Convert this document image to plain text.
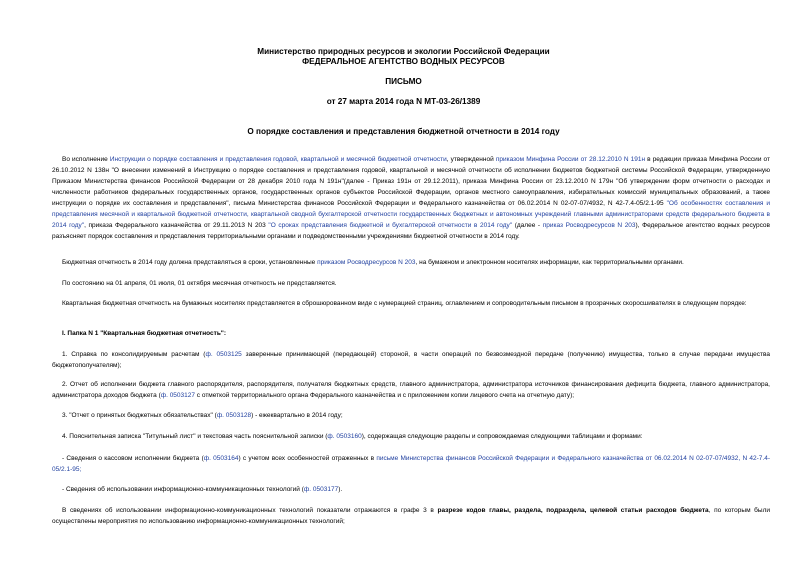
Министерство природных ресурсов и экологии Российской Федерации
ФЕДЕРАЛЬНОЕ АГЕНТСТВО ВОДНЫХ РЕСУРСОВ
ПИСЬМО
от 27 марта 2014 года N МТ-03-26/1389
О порядке составления и представления бюджетной отчетности в 2014 году
Во исполнение Инструкции о порядке составления и представления годовой, квартальной и месячной бюджетной отчетности, утвержденной приказом Минфина России от 28.12.2010 N 191н в редакции приказа Минфина России от 26.10.2012 N 138н "О внесении изменений в Инструкцию о порядке составления и представления годовой, квартальной и месячной отчетности об исполнении бюджетов бюджетной системы Российской Федерации, утвержденную Приказом Министерства финансов Российской Федерации от 28 декабря 2010 года N 191н"(далее - Приказ 191н от 29.12.2011), приказа Минфина России от 23.12.2010 N 179н "Об утверждении форм отчетности о расходах и численности работников федеральных государственных органов, государственных органов субъектов Российской Федерации, органов местного самоуправления, избирательных комиссий муниципальных образований, а также инструкции о порядке их составления и представления", письма Министерства финансов Российской Федерации и Федерального казначейства от 06.02.2014 N 02-07-07/4932, N 42-7.4-05/2.1-95 "Об особенностях составления и представления месячной и квартальной бюджетной отчетности, квартальной сводной бухгалтерской отчетности государственных бюджетных и автономных учреждений главными администраторами средств федерального бюджета в 2014 году", приказа Федерального казначейства от 29.11.2013 N 203 "О сроках представления бюджетной и бухгалтерской отчетности в 2014 году" (далее - приказ Росводресурсов N 203), Федеральное агентство водных ресурсов разъясняет порядок составления и представления территориальными органами и подведомственными учреждениями бюджетной отчетности в 2014 году.
Бюджетная отчетность в 2014 году должна представляться в сроки, установленные приказом Росводресурсов N 203, на бумажном и электронном носителях информации, как территориальными органами.
По состоянию на 01 апреля, 01 июля, 01 октября месячная отчетность не представляется.
Квартальная бюджетная отчетность на бумажных носителях представляется в сброшюрованном виде с нумерацией страниц, оглавлением и сопроводительным письмом в прозрачных скоросшивателях в следующем порядке:
I. Папка N 1 "Квартальная бюджетная отчетность":
1. Справка по консолидируемым расчетам (ф. 0503125 заверенные принимающей (передающей) стороной, в части операций по безвозмездной передаче (получению) имущества, только в случае передачи имущества бюджетополучателям);
2. Отчет об исполнении бюджета главного распорядителя, распорядителя, получателя бюджетных средств, главного администратора, администратора источников финансирования дефицита бюджета, главного администратора, администратора доходов бюджета (ф. 0503127 с отметкой территориального органа Федерального казначейства и с приложением копии лицевого счета на отчетную дату);
3. "Отчет о принятых бюджетных обязательствах" (ф. 0503128) - ежеквартально в 2014 году;
4. Пояснительная записка "Титульный лист" и текстовая часть пояснительной записки (ф. 0503160), содержащая следующие разделы и сопровождаемая следующими таблицами и формами:
- Сведения о кассовом исполнении бюджета (ф. 0503164) с учетом всех особенностей отраженных в письме Министерства финансов Российской Федерации и Федерального казначейства от 06.02.2014 N 02-07-07/4932, N 42-7.4-05/2.1-95;
- Сведения об использовании информационно-коммуникационных технологий (ф. 0503177).
В сведениях об использовании информационно-коммуникационных технологий показатели отражаются в графе 3 в разрезе кодов главы, раздела, подраздела, целевой статьи расходов бюджета, по которым были осуществлены мероприятия по использованию информационно-коммуникационных технологий;
